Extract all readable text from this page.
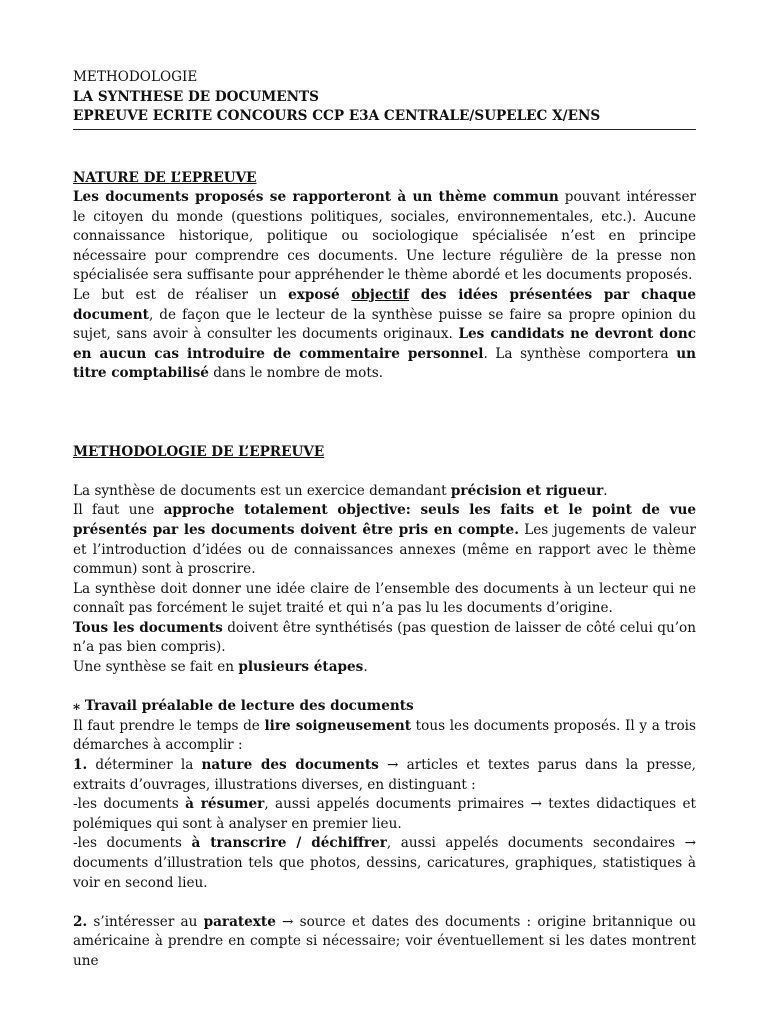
METHODOLOGIE
LA SYNTHESE DE DOCUMENTS
EPREUVE ECRITE CONCOURS CCP E3A CENTRALE/SUPELEC X/ENS
NATURE DE L’EPREUVE

Les documents proposés se rapporteront à un thème commun pouvant intéresser le citoyen du monde (questions politiques, sociales, environnementales, etc.). Aucune connaissance historique, politique ou sociologique spécialisée n’est en principe nécessaire pour comprendre ces documents. Une lecture régulière de la presse non spécialisée sera suffisante pour appréhender le thème abordé et les documents proposés.

Le but est de réaliser un exposé objectif des idées présentées par chaque document, de façon que le lecteur de la synthèse puisse se faire sa propre opinion du sujet, sans avoir à consulter les documents originaux. Les candidats ne devront donc en aucun cas introduire de commentaire personnel. La synthèse comportera un titre comptabilisé dans le nombre de mots.

METHODOLOGIE DE L’EPREUVE

La synthèse de documents est un exercice demandant précision et rigueur.

Il faut une approche totalement objective: seuls les faits et le point de vue présentés par les documents doivent être pris en compte. Les jugements de valeur et l’introduction d’idées ou de connaissances annexes (même en rapport avec le thème commun) sont à proscrire.

La synthèse doit donner une idée claire de l’ensemble des documents à un lecteur qui ne connaît pas forcément le sujet traité et qui n’a pas lu les documents d’origine.

Tous les documents doivent être synthétisés (pas question de laisser de côté celui qu’on n’a pas bien compris).

Une synthèse se fait en plusieurs étapes.

⁎ Travail préalable de lecture des documents

Il faut prendre le temps de lire soigneusement tous les documents proposés. Il y a trois démarches à accomplir :

1. déterminer la nature des documents → articles et textes parus dans la presse, extraits d’ouvrages, illustrations diverses, en distinguant :

-les documents à résumer, aussi appelés documents primaires → textes didactiques et polémiques qui sont à analyser en premier lieu.

-les documents à transcrire / déchiffrer, aussi appelés documents secondaires → documents d’illustration tels que photos, dessins, caricatures, graphiques, statistiques à voir en second lieu.

2. s’intéresser au paratexte → source et dates des documents : origine britannique ou américaine à prendre en compte si nécessaire; voir éventuellement si les dates montrent une
